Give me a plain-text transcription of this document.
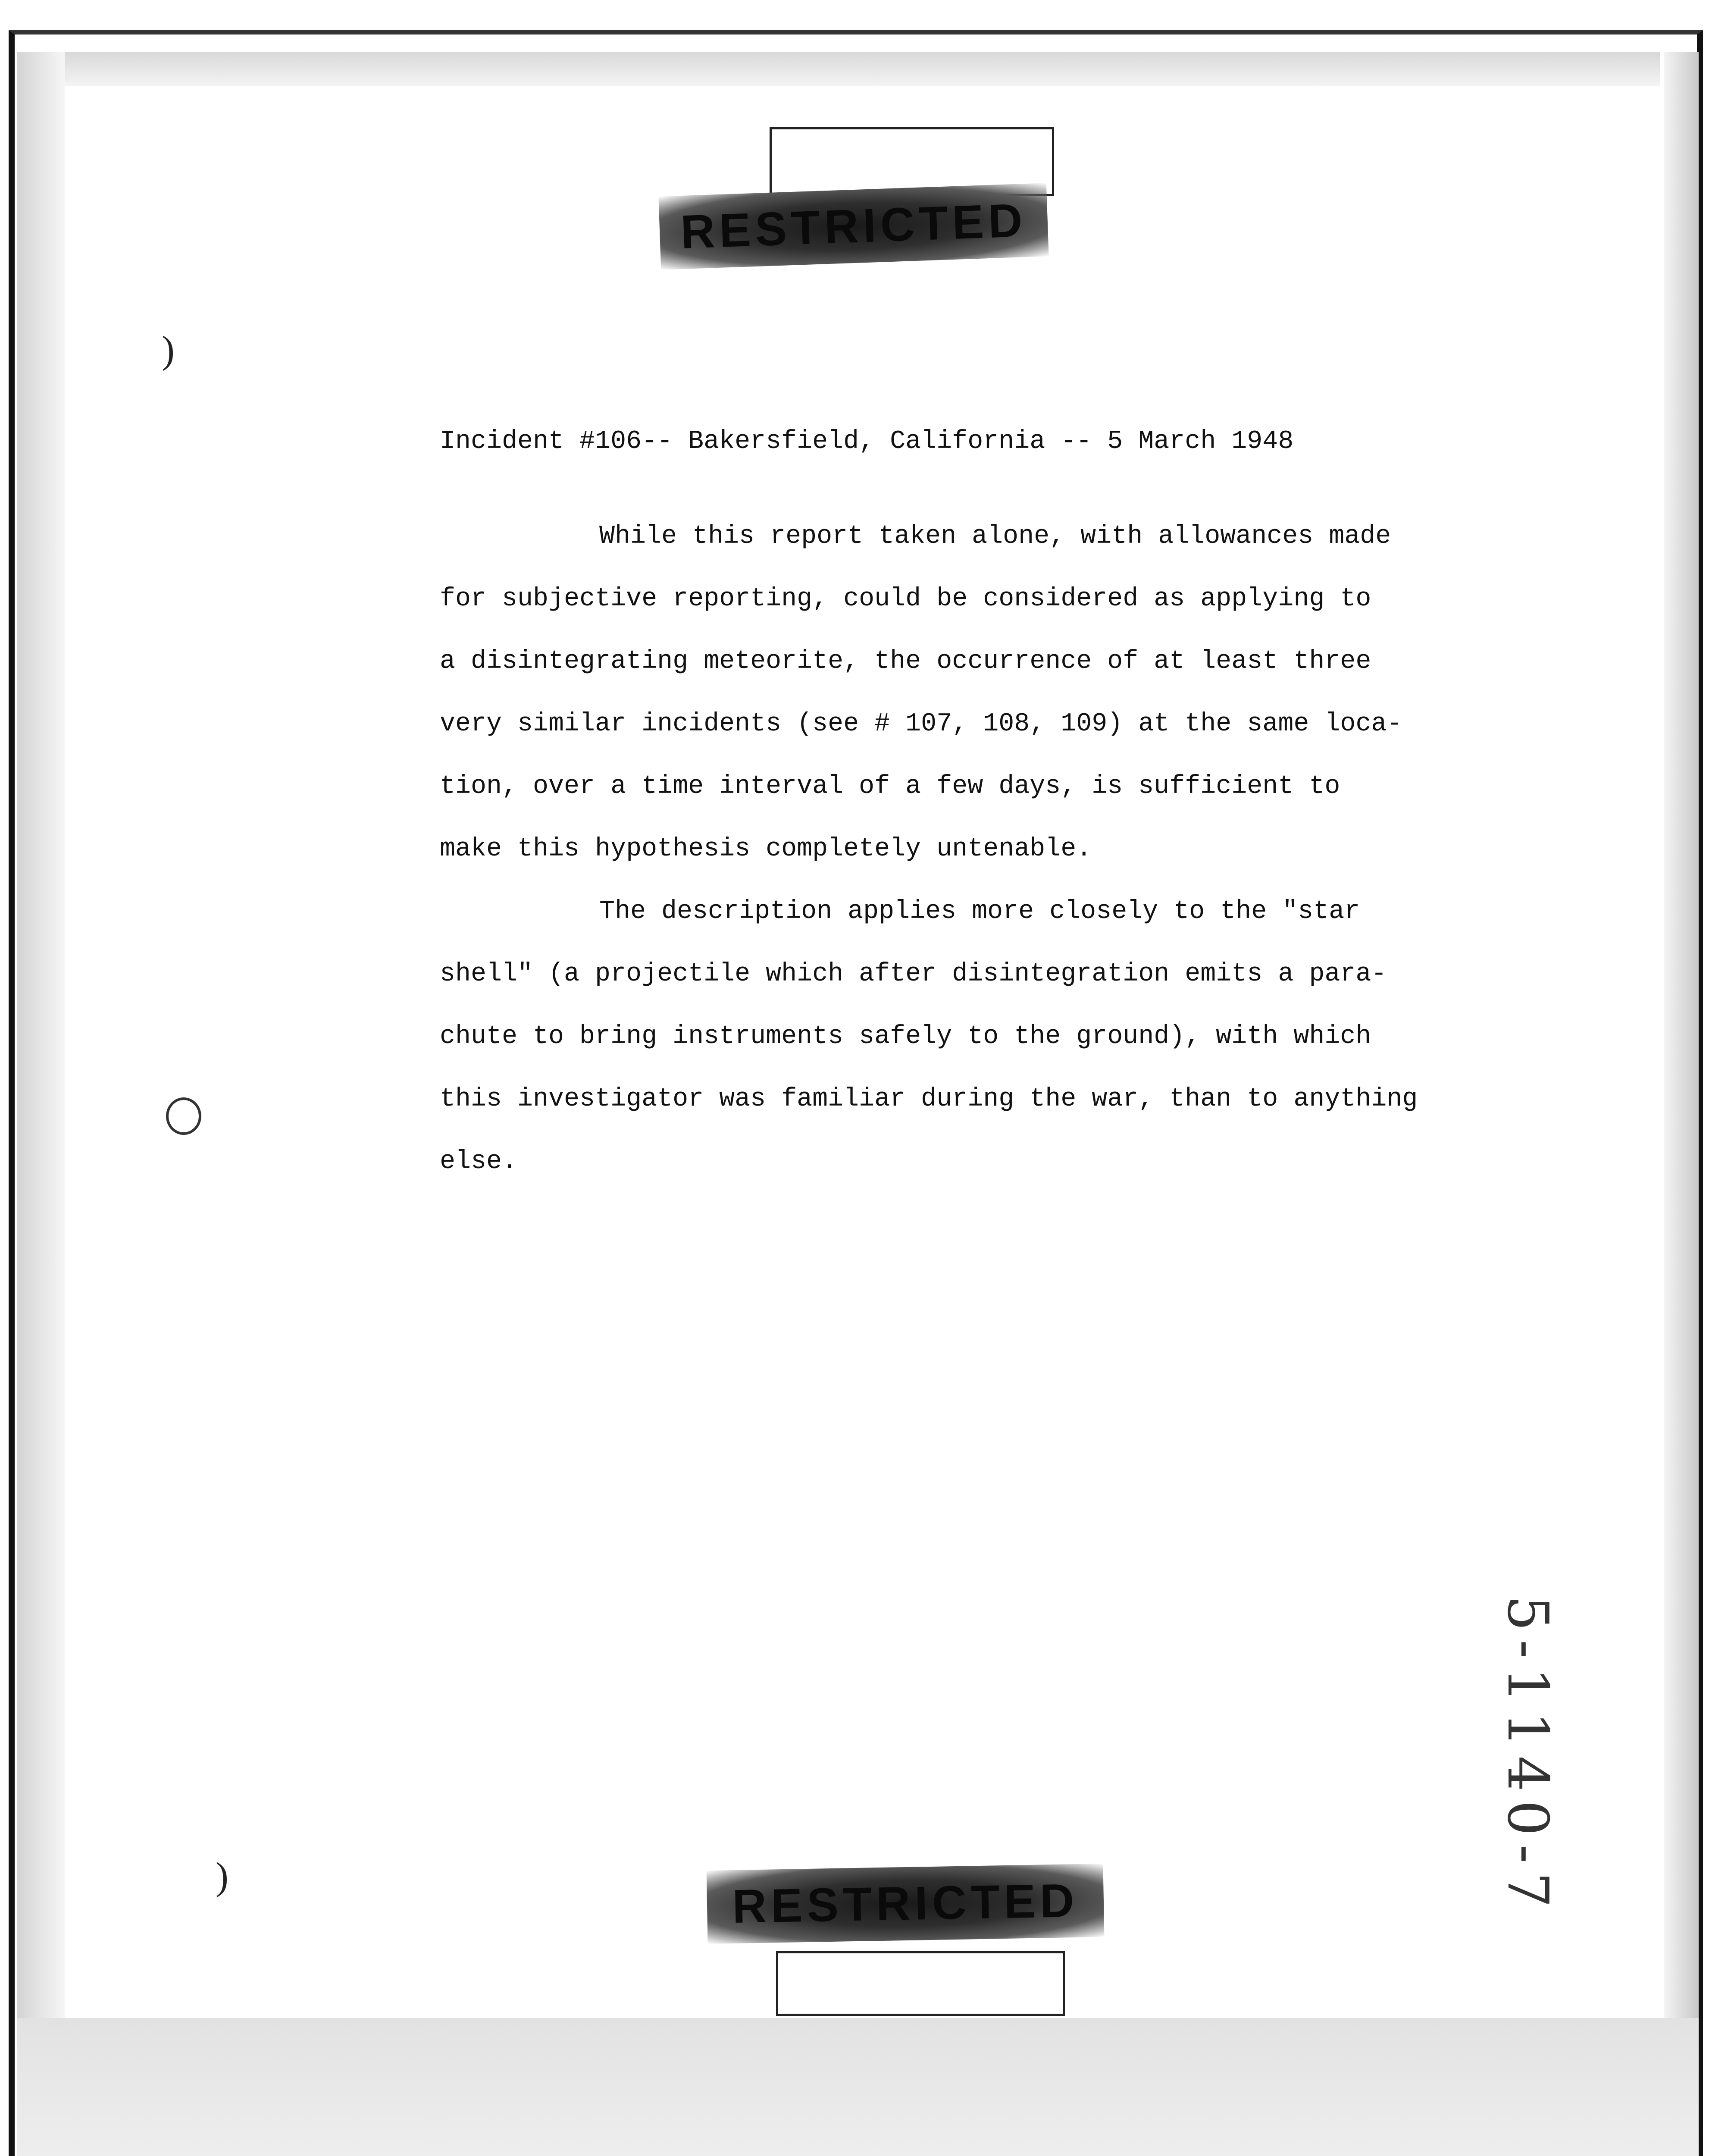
RESTRICTED
)
Incident #106-- Bakersfield, California -- 5 March 1948
While this report taken alone, with allowances made
for subjective reporting, could be considered as applying to
a disintegrating meteorite, the occurrence of at least three
very similar incidents (see # 107, 108, 109) at the same loca-
tion, over a time interval of a few days, is sufficient to
make this hypothesis completely untenable.
The description applies more closely to the "star
shell" (a projectile which after disintegration emits a para-
chute to bring instruments safely to the ground), with which
this investigator was familiar during the war, than to anything
else.
)	5-1140-7
RESTRICTED
